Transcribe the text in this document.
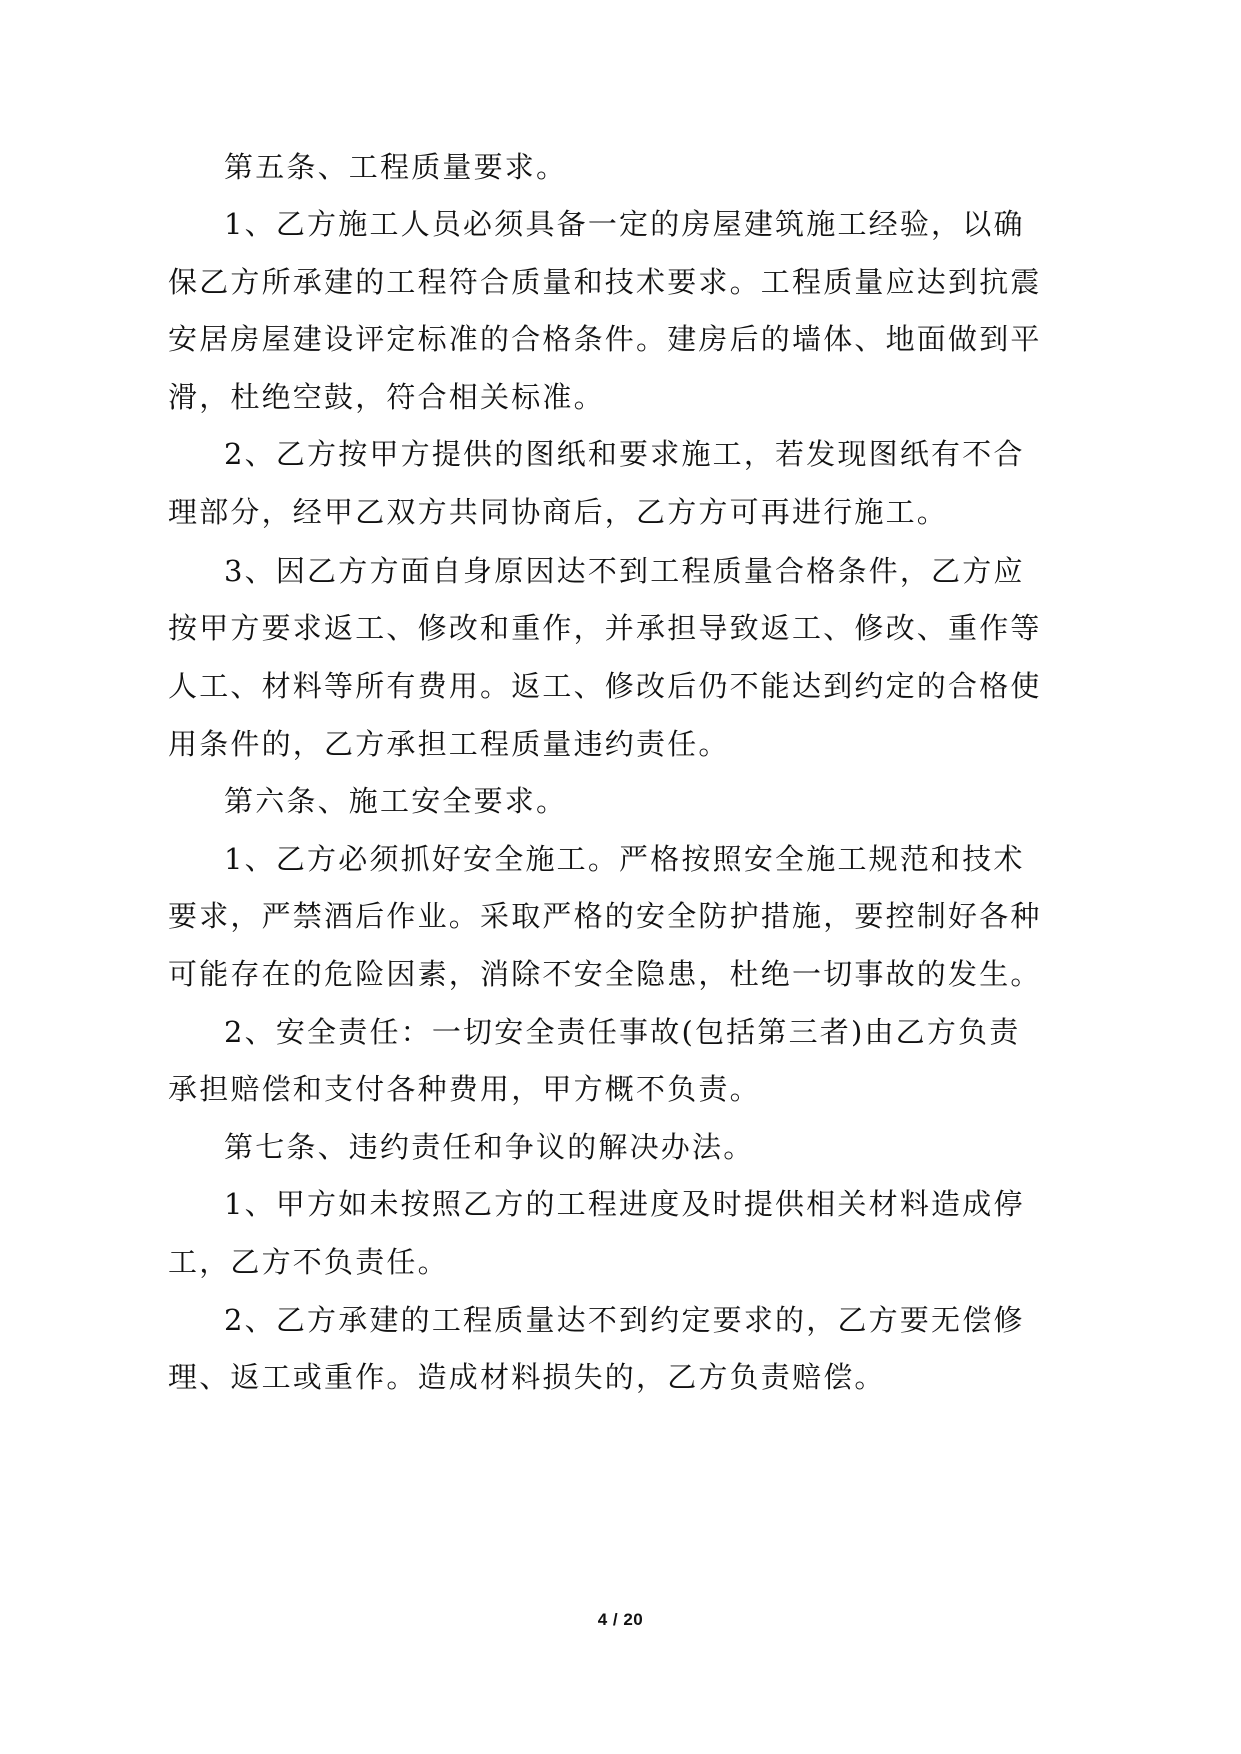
第五条、工程质量要求。
1、乙方施工人员必须具备一定的房屋建筑施工经验，以确
保乙方所承建的工程符合质量和技术要求。工程质量应达到抗震
安居房屋建设评定标准的合格条件。建房后的墙体、地面做到平
滑，杜绝空鼓，符合相关标准。
2、乙方按甲方提供的图纸和要求施工，若发现图纸有不合
理部分，经甲乙双方共同协商后，乙方方可再进行施工。
3、因乙方方面自身原因达不到工程质量合格条件，乙方应
按甲方要求返工、修改和重作，并承担导致返工、修改、重作等
人工、材料等所有费用。返工、修改后仍不能达到约定的合格使
用条件的，乙方承担工程质量违约责任。
第六条、施工安全要求。
1、乙方必须抓好安全施工。严格按照安全施工规范和技术
要求，严禁酒后作业。采取严格的安全防护措施，要控制好各种
可能存在的危险因素，消除不安全隐患，杜绝一切事故的发生。
2、安全责任：一切安全责任事故(包括第三者)由乙方负责
承担赔偿和支付各种费用，甲方概不负责。
第七条、违约责任和争议的解决办法。
1、甲方如未按照乙方的工程进度及时提供相关材料造成停
工，乙方不负责任。
2、乙方承建的工程质量达不到约定要求的，乙方要无偿修
理、返工或重作。造成材料损失的，乙方负责赔偿。
4 / 20
